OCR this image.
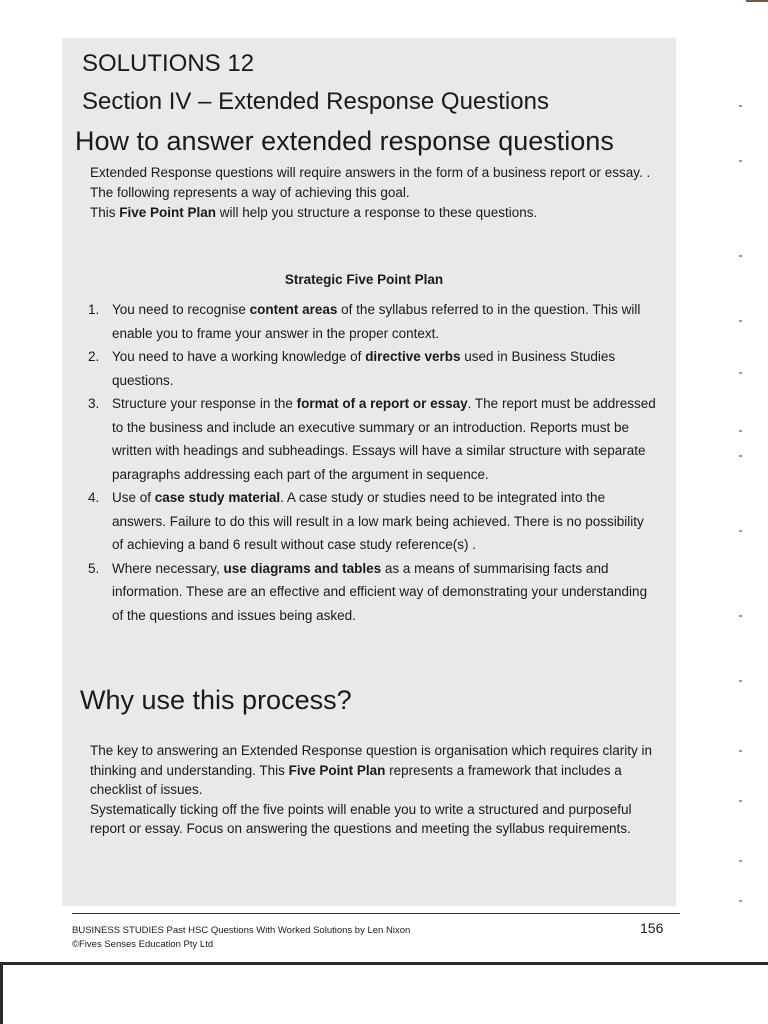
SOLUTIONS 12
Section IV – Extended Response Questions
How to answer extended response questions
Extended Response questions will require answers in the form of a business report or essay. . The following represents a way of achieving this goal.
This Five Point Plan will help you structure a response to these questions.
Strategic Five Point Plan
1. You need to recognise content areas of the syllabus referred to in the question. This will enable you to frame your answer in the proper context.
2. You need to have a working knowledge of directive verbs used in Business Studies questions.
3. Structure your response in the format of a report or essay. The report must be addressed to the business and include an executive summary or an introduction. Reports must be written with headings and subheadings. Essays will have a similar structure with separate paragraphs addressing each part of the argument in sequence.
4. Use of case study material. A case study or studies need to be integrated into the answers. Failure to do this will result in a low mark being achieved. There is no possibility of achieving a band 6 result without case study reference(s) .
5. Where necessary, use diagrams and tables as a means of summarising facts and information. These are an effective and efficient way of demonstrating your understanding of the questions and issues being asked.
Why use this process?
The key to answering an Extended Response question is organisation which requires clarity in thinking and understanding. This Five Point Plan represents a framework that includes a checklist of issues.
Systematically ticking off the five points will enable you to write a structured and purposeful report or essay. Focus on answering the questions and meeting the syllabus requirements.
BUSINESS STUDIES Past HSC Questions With Worked Solutions by Len Nixon
©Fives Senses Education Pty Ltd
156
